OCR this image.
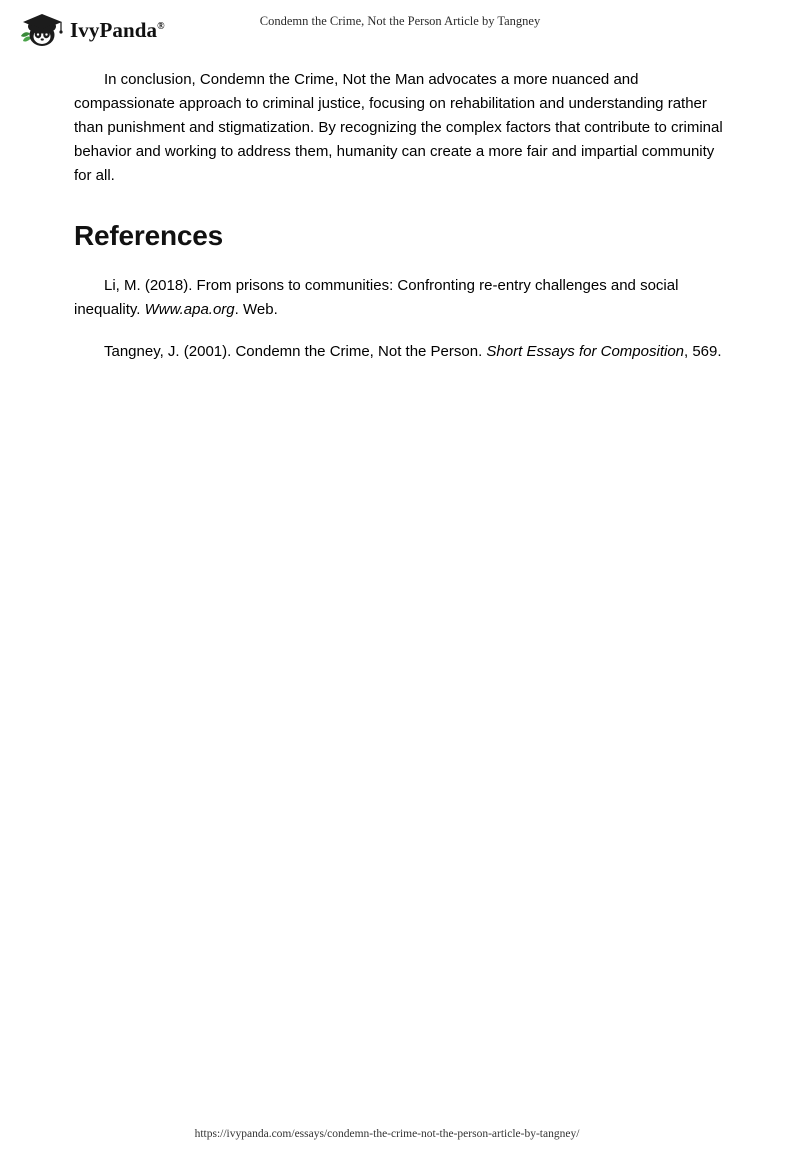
IvyPanda®	Condemn the Crime, Not the Person Article by Tangney

In conclusion, Condemn the Crime, Not the Man advocates a more nuanced and compassionate approach to criminal justice, focusing on rehabilitation and understanding rather than punishment and stigmatization. By recognizing the complex factors that contribute to criminal behavior and working to address them, humanity can create a more fair and impartial community for all.

References

Li, M. (2018). From prisons to communities: Confronting re-entry challenges and social inequality. Www.apa.org. Web.

Tangney, J. (2001). Condemn the Crime, Not the Person. Short Essays for Composition, 569.

https://ivypanda.com/essays/condemn-the-crime-not-the-person-article-by-tangney/
